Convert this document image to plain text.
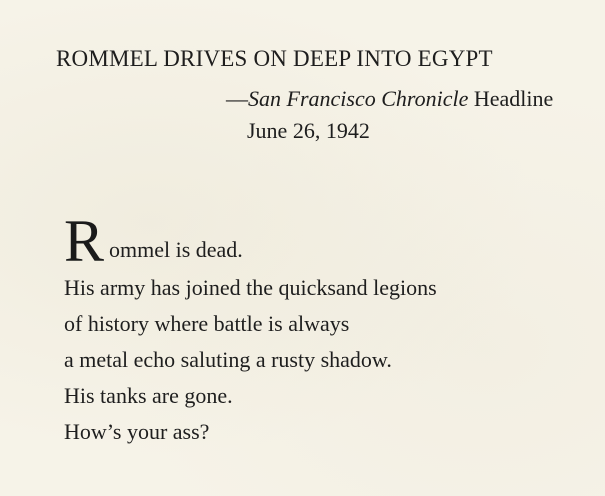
ROMMEL DRIVES ON DEEP INTO EGYPT
—San Francisco Chronicle Headline
June 26, 1942
R ommel is dead.
His army has joined the quicksand legions
of history where battle is always
a metal echo saluting a rusty shadow.
His tanks are gone.
How’s your ass?
